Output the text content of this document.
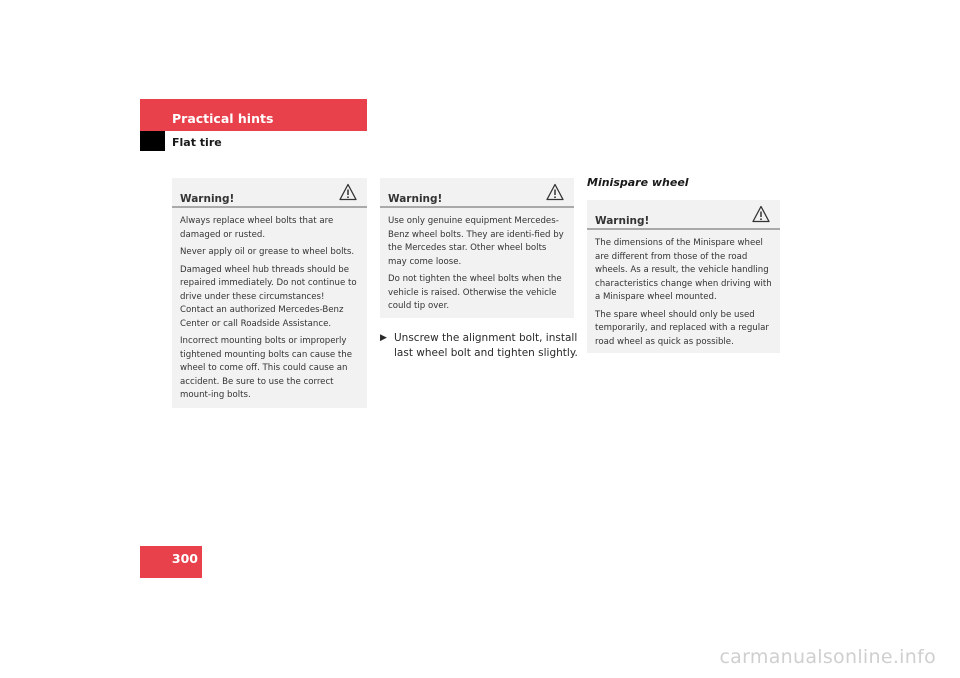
Practical hints
Flat tire
Warning!

Always replace wheel bolts that are damaged or rusted.

Never apply oil or grease to wheel bolts.

Damaged wheel hub threads should be repaired immediately. Do not continue to drive under these circumstances! Contact an authorized Mercedes-Benz Center or call Roadside Assistance.

Incorrect mounting bolts or improperly tightened mounting bolts can cause the wheel to come off. This could cause an accident. Be sure to use the correct mount-ing bolts.

Warning!

Use only genuine equipment Mercedes-Benz wheel bolts. They are identi-fied by the Mercedes star. Other wheel bolts may come loose.

Do not tighten the wheel bolts when the vehicle is raised. Otherwise the vehicle could tip over.

▶ Unscrew the alignment bolt, install last wheel bolt and tighten slightly.
Minispare wheel
Warning!

The dimensions of the Minispare wheel are different from those of the road wheels. As a result, the vehicle handling characteristics change when driving with a Minispare wheel mounted.

The spare wheel should only be used temporarily, and replaced with a regular road wheel as quick as possible.

300
carmanualsonline.info
